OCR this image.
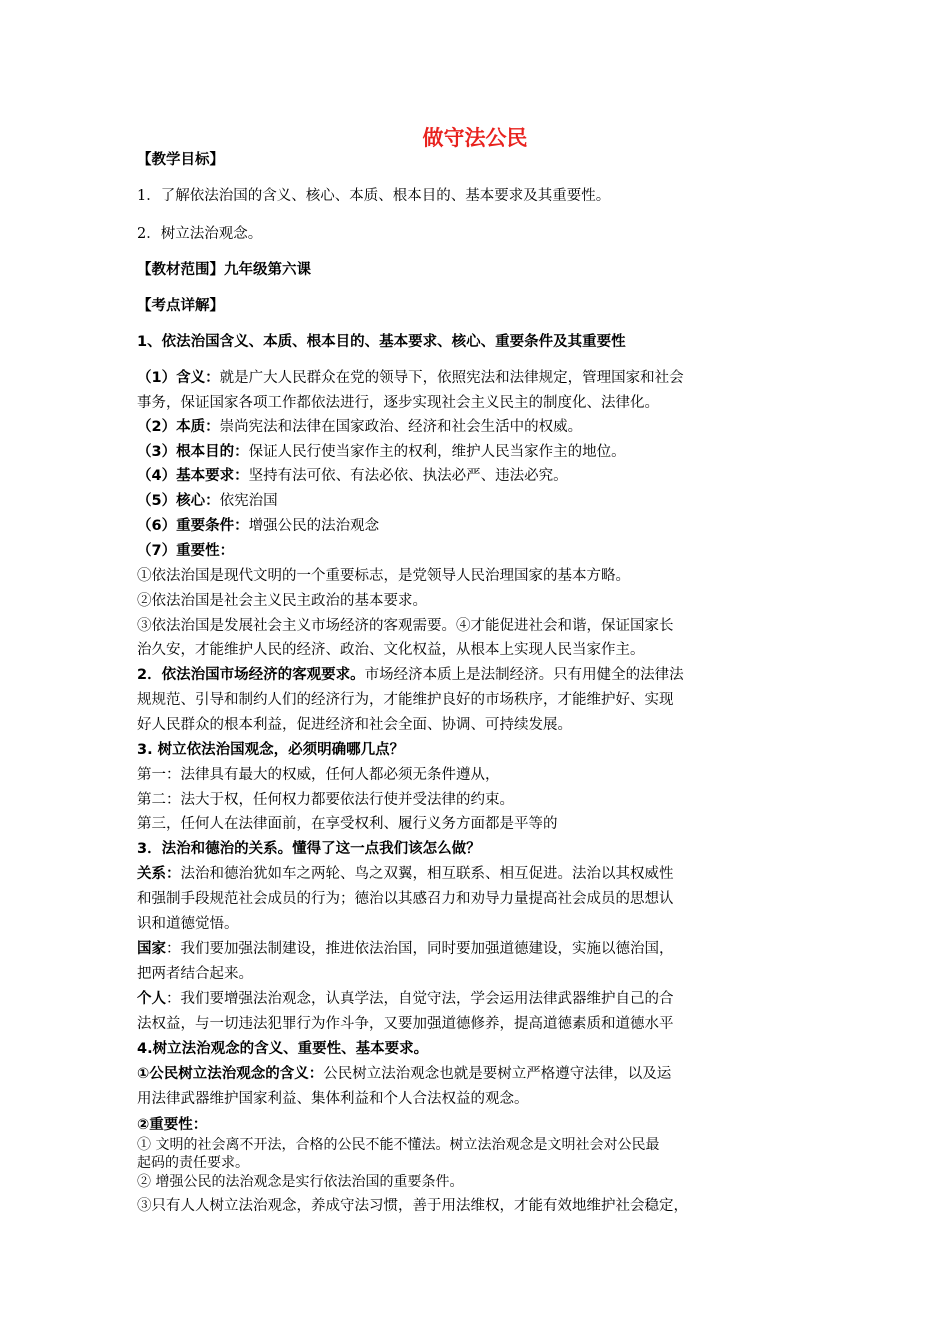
做守法公民
【教学目标】
1．了解依法治国的含义、核心、本质、根本目的、基本要求及其重要性。
2．树立法治观念。
【教材范围】九年级第六课
【考点详解】
1、依法治国含义、本质、根本目的、基本要求、核心、重要条件及其重要性
（1）含义：就是广大人民群众在党的领导下，依照宪法和法律规定，管理国家和社会
事务，保证国家各项工作都依法进行，逐步实现社会主义民主的制度化、法律化。
（2）本质：崇尚宪法和法律在国家政治、经济和社会生活中的权威。
（3）根本目的：保证人民行使当家作主的权利，维护人民当家作主的地位。
（4）基本要求：坚持有法可依、有法必依、执法必严、违法必究。
（5）核心：依宪治国
（6）重要条件：增强公民的法治观念
（7）重要性：
①依法治国是现代文明的一个重要标志，是党领导人民治理国家的基本方略。
②依法治国是社会主义民主政治的基本要求。
③依法治国是发展社会主义市场经济的客观需要。④才能促进社会和谐，保证国家长
治久安，才能维护人民的经济、政治、文化权益，从根本上实现人民当家作主。
2．依法治国市场经济的客观要求。市场经济本质上是法制经济。只有用健全的法律法
规规范、引导和制约人们的经济行为，才能维护良好的市场秩序，才能维护好、实现
好人民群众的根本利益，促进经济和社会全面、协调、可持续发展。
3. 树立依法治国观念，必须明确哪几点？
第一：法律具有最大的权威，任何人都必须无条件遵从，
第二：法大于权，任何权力都要依法行使并受法律的约束。
第三，任何人在法律面前，在享受权利、履行义务方面都是平等的
3．法治和德治的关系。懂得了这一点我们该怎么做？
关系：法治和德治犹如车之两轮、鸟之双翼，相互联系、相互促进。法治以其权威性
和强制手段规范社会成员的行为；德治以其感召力和劝导力量提高社会成员的思想认
识和道德觉悟。
国家：我们要加强法制建设，推进依法治国，同时要加强道德建设，实施以德治国，
把两者结合起来。
个人：我们要增强法治观念，认真学法，自觉守法，学会运用法律武器维护自己的合
法权益，与一切违法犯罪行为作斗争，又要加强道德修养，提高道德素质和道德水平
4.树立法治观念的含义、重要性、基本要求。
①公民树立法治观念的含义：公民树立法治观念也就是要树立严格遵守法律，以及运
用法律武器维护国家利益、集体利益和个人合法权益的观念。
②重要性：
① 文明的社会离不开法，合格的公民不能不懂法。树立法治观念是文明社会对公民最
起码的责任要求。
② 增强公民的法治观念是实行依法治国的重要条件。
③只有人人树立法治观念，养成守法习惯，善于用法维权，才能有效地维护社会稳定，
